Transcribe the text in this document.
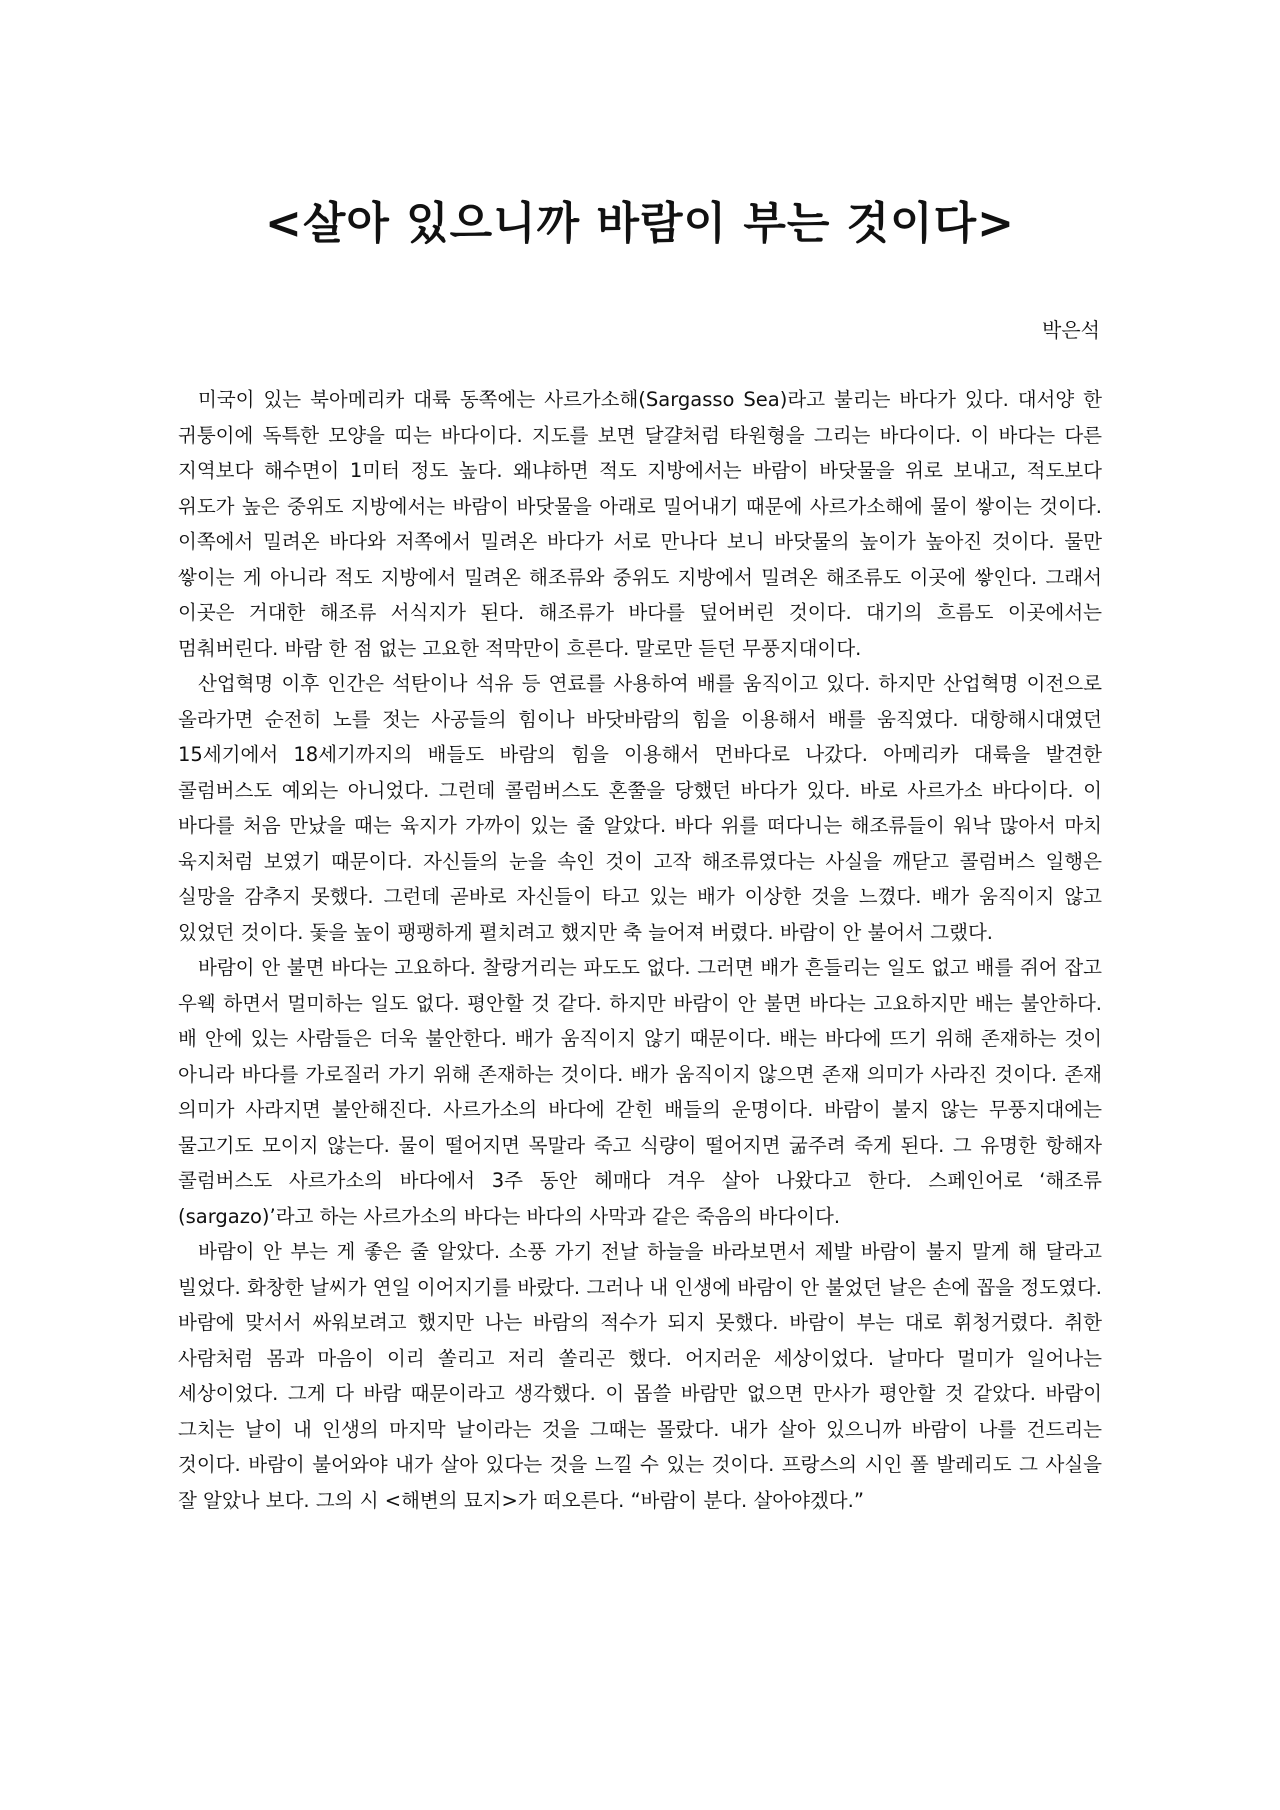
<살아 있으니까 바람이 부는 것이다>
박은석

미국이 있는 북아메리카 대륙 동쪽에는 사르가소해(Sargasso Sea)라고 불리는 바다가 있다. 대서양 한 귀퉁이에 독특한 모양을 띠는 바다이다. 지도를 보면 달걀처럼 타원형을 그리는 바다이다. 이 바다는 다른 지역보다 해수면이 1미터 정도 높다. 왜냐하면 적도 지방에서는 바람이 바닷물을 위로 보내고, 적도보다 위도가 높은 중위도 지방에서는 바람이 바닷물을 아래로 밀어내기 때문에 사르가소해에 물이 쌓이는 것이다. 이쪽에서 밀려온 바다와 저쪽에서 밀려온 바다가 서로 만나다 보니 바닷물의 높이가 높아진 것이다. 물만 쌓이는 게 아니라 적도 지방에서 밀려온 해조류와 중위도 지방에서 밀려온 해조류도 이곳에 쌓인다. 그래서 이곳은 거대한 해조류 서식지가 된다. 해조류가 바다를 덮어버린 것이다. 대기의 흐름도 이곳에서는 멈춰버린다. 바람 한 점 없는 고요한 적막만이 흐른다. 말로만 듣던 무풍지대이다.

산업혁명 이후 인간은 석탄이나 석유 등 연료를 사용하여 배를 움직이고 있다. 하지만 산업혁명 이전으로 올라가면 순전히 노를 젓는 사공들의 힘이나 바닷바람의 힘을 이용해서 배를 움직였다. 대항해시대였던 15세기에서 18세기까지의 배들도 바람의 힘을 이용해서 먼바다로 나갔다. 아메리카 대륙을 발견한 콜럼버스도 예외는 아니었다. 그런데 콜럼버스도 혼쭐을 당했던 바다가 있다. 바로 사르가소 바다이다. 이 바다를 처음 만났을 때는 육지가 가까이 있는 줄 알았다. 바다 위를 떠다니는 해조류들이 워낙 많아서 마치 육지처럼 보였기 때문이다. 자신들의 눈을 속인 것이 고작 해조류였다는 사실을 깨닫고 콜럼버스 일행은 실망을 감추지 못했다. 그런데 곧바로 자신들이 타고 있는 배가 이상한 것을 느꼈다. 배가 움직이지 않고 있었던 것이다. 돛을 높이 팽팽하게 펼치려고 했지만 축 늘어져 버렸다. 바람이 안 불어서 그랬다.

바람이 안 불면 바다는 고요하다. 찰랑거리는 파도도 없다. 그러면 배가 흔들리는 일도 없고 배를 쥐어 잡고 우웩 하면서 멀미하는 일도 없다. 평안할 것 같다. 하지만 바람이 안 불면 바다는 고요하지만 배는 불안하다. 배 안에 있는 사람들은 더욱 불안한다. 배가 움직이지 않기 때문이다. 배는 바다에 뜨기 위해 존재하는 것이 아니라 바다를 가로질러 가기 위해 존재하는 것이다. 배가 움직이지 않으면 존재 의미가 사라진 것이다. 존재 의미가 사라지면 불안해진다. 사르가소의 바다에 갇힌 배들의 운명이다. 바람이 불지 않는 무풍지대에는 물고기도 모이지 않는다. 물이 떨어지면 목말라 죽고 식량이 떨어지면 굶주려 죽게 된다. 그 유명한 항해자 콜럼버스도 사르가소의 바다에서 3주 동안 헤매다 겨우 살아 나왔다고 한다. 스페인어로 ‘해조류(sargazo)’라고 하는 사르가소의 바다는 바다의 사막과 같은 죽음의 바다이다.

바람이 안 부는 게 좋은 줄 알았다. 소풍 가기 전날 하늘을 바라보면서 제발 바람이 불지 말게 해 달라고 빌었다. 화창한 날씨가 연일 이어지기를 바랐다. 그러나 내 인생에 바람이 안 불었던 날은 손에 꼽을 정도였다. 바람에 맞서서 싸워보려고 했지만 나는 바람의 적수가 되지 못했다. 바람이 부는 대로 휘청거렸다. 취한 사람처럼 몸과 마음이 이리 쏠리고 저리 쏠리곤 했다. 어지러운 세상이었다. 날마다 멀미가 일어나는 세상이었다. 그게 다 바람 때문이라고 생각했다. 이 몹쓸 바람만 없으면 만사가 평안할 것 같았다. 바람이 그치는 날이 내 인생의 마지막 날이라는 것을 그때는 몰랐다. 내가 살아 있으니까 바람이 나를 건드리는 것이다. 바람이 불어와야 내가 살아 있다는 것을 느낄 수 있는 것이다. 프랑스의 시인 폴 발레리도 그 사실을 잘 알았나 보다. 그의 시 <해변의 묘지>가 떠오른다. “바람이 분다. 살아야겠다.”
